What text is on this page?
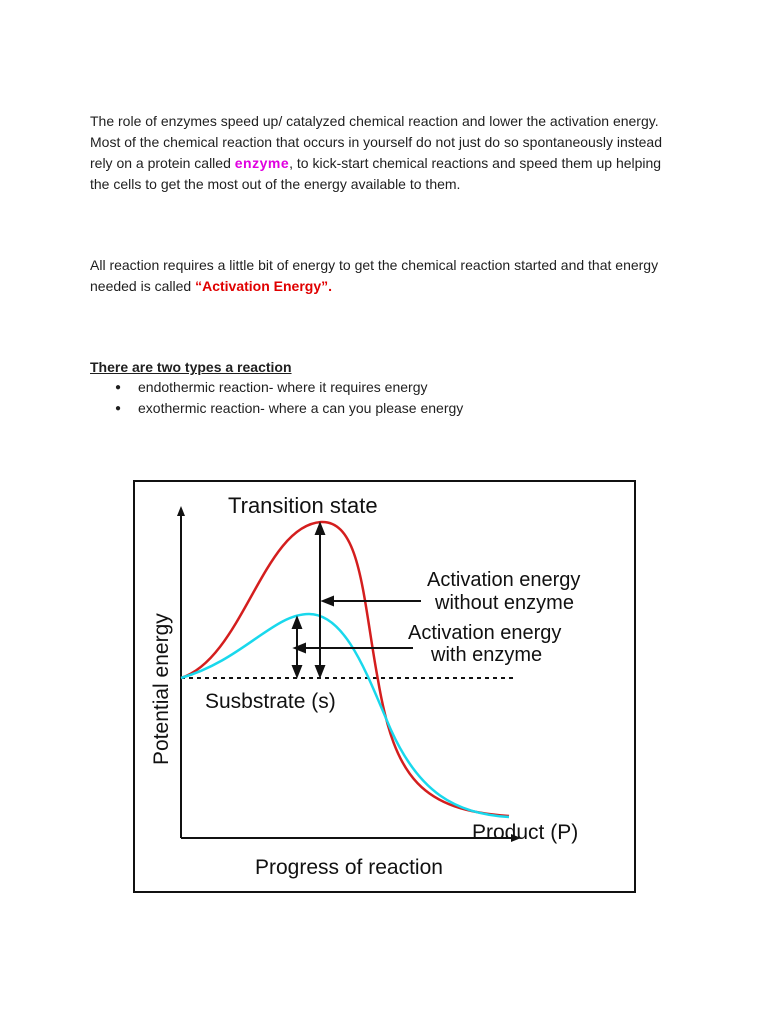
The role of enzymes speed up/ catalyzed chemical reaction and lower the activation energy.
Most of the chemical reaction that occurs in yourself do not just do so spontaneously instead rely on a protein called enzyme, to kick-start chemical reactions and speed them up helping the cells to get the most out of the energy available to them.

All reaction requires a little bit of energy to get the chemical reaction started and that energy needed is called “Activation Energy”.

There are two types a reaction

● endothermic reaction- where it requires energy
● exothermic reaction- where a can you please energy
Transition state
Activation energy
without enzyme
Activation energy
with enzyme
Susbstrate (s)
Product (P)
Progress of reaction
Potential energy
